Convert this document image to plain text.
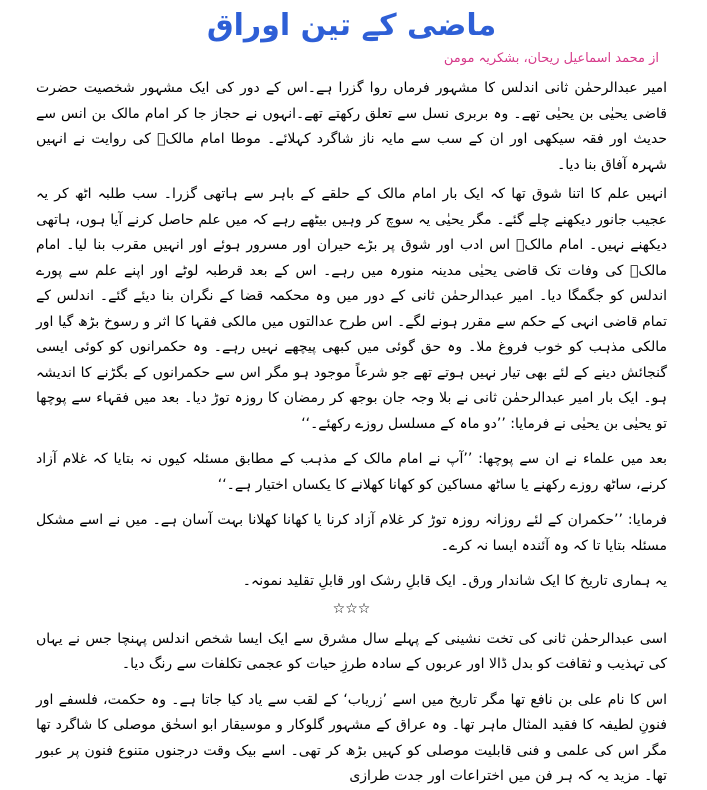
ماضی کے تین اوراق
از محمد اسماعیل ریحان، بشکریہ مومن

امیر عبدالرحمٰن ثانی اندلس کا مشہور فرماں روا گزرا ہے۔اس کے دور کی ایک مشہور شخصیت حضرت قاضی یحیٰی بن یحیٰی تھے۔ وہ بربری نسل سے تعلق رکھتے تھے۔انہوں نے حجاز جا کر امام مالک بن انس سے حدیث اور فقہ سیکھی اور ان کے سب سے مایہ ناز شاگرد کہلائے۔ موطا امام مالکؒ کی روایت نے انہیں شہرہ آفاق بنا دیا۔

انہیں علم کا اتنا شوق تھا کہ ایک بار امام مالک کے حلقے کے باہر سے ہاتھی گزرا۔ سب طلبہ اٹھ کر یہ عجیب جانور دیکھنے چلے گئے۔ مگر یحیٰی یہ سوچ کر وہیں بیٹھے رہے کہ میں علم حاصل کرنے آیا ہوں، ہاتھی دیکھنے نہیں۔ امام مالکؒ اس ادب اور شوق پر بڑے حیران اور مسرور ہوئے اور انہیں مقرب بنا لیا۔ امام مالکؒ کی وفات تک قاضی یحیٰی مدینہ منورہ میں رہے۔ اس کے بعد قرطبہ لوٹے اور اپنے علم سے پورے اندلس کو جگمگا دیا۔ امیر عبدالرحمٰن ثانی کے دور میں وہ محکمہ قضا کے نگران بنا دیئے گئے۔ اندلس کے تمام قاضی انہی کے حکم سے مقرر ہونے لگے۔ اس طرح عدالتوں میں مالکی فقہا کا اثر و رسوخ بڑھ گیا اور مالکی مذہب کو خوب فروغ ملا۔ وہ حق گوئی میں کبھی پیچھے نہیں رہے۔ وہ حکمرانوں کو کوئی ایسی گنجائش دینے کے لئے بھی تیار نہیں ہوتے تھے جو شرعاً موجود ہو مگر اس سے حکمرانوں کے بگڑنے کا اندیشہ ہو۔ ایک بار امیر عبدالرحمٰن ثانی نے بلا وجہ جان بوجھ کر رمضان کا روزہ توڑ دیا۔ بعد میں فقہاء سے پوچھا تو یحیٰی بن یحیٰی نے فرمایا: ’’دو ماہ کے مسلسل روزے رکھئے۔‘‘

بعد میں علماء نے ان سے پوچھا: ’’آپ نے امام مالک کے مذہب کے مطابق مسئلہ کیوں نہ بتایا کہ غلام آزاد کرنے، ساٹھ روزے رکھنے یا ساٹھ مساکین کو کھانا کھلانے کا یکساں اختیار ہے۔‘‘

فرمایا: ’’حکمران کے لئے روزانہ روزہ توڑ کر غلام آزاد کرنا یا کھانا کھلانا بہت آسان ہے۔ میں نے اسے مشکل مسئلہ بتایا تا کہ وہ آئندہ ایسا نہ کرے۔

یہ ہماری تاریخ کا ایک شاندار ورق۔ ایک قابلِ رشک اور قابلِ تقلید نمونہ۔

☆☆☆

اسی عبدالرحمٰن ثانی کی تخت نشینی کے پہلے سال مشرق سے ایک ایسا شخص اندلس پہنچا جس نے یہاں کی تہذیب و ثقافت کو بدل ڈالا اور عربوں کے سادہ طرزِ حیات کو عجمی تکلفات سے رنگ دیا۔

اس کا نام علی بن نافع تھا مگر تاریخ میں اسے ’زریاب‘ کے لقب سے یاد کیا جاتا ہے۔ وہ حکمت، فلسفے اور فنونِ لطیفہ کا فقید المثال ماہر تھا۔ وہ عراق کے مشہور گلوکار و موسیقار ابو اسحٰق موصلی کا شاگرد تھا مگر اس کی علمی و فنی قابلیت موصلی کو کہیں بڑھ کر تھی۔ اسے بیک وقت درجنوں متنوع فنون پر عبور تھا۔ مزید یہ کہ ہر فن میں اختراعات اور جدت طرازی
